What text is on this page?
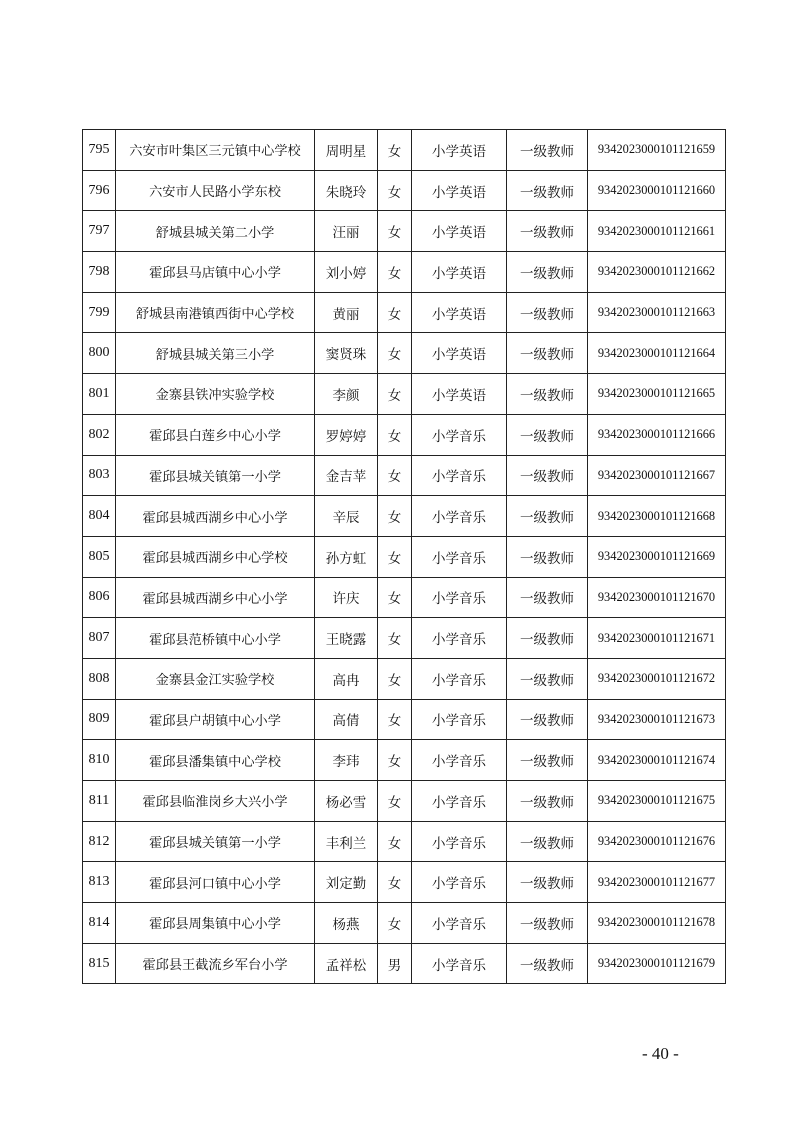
795	六安市叶集区三元镇中心学校	周明星	女	小学英语	一级教师	9342023000101121659
796	六安市人民路小学东校	朱晓玲	女	小学英语	一级教师	9342023000101121660
797	舒城县城关第二小学	汪丽	女	小学英语	一级教师	9342023000101121661
798	霍邱县马店镇中心小学	刘小婷	女	小学英语	一级教师	9342023000101121662
799	舒城县南港镇西街中心学校	黄丽	女	小学英语	一级教师	9342023000101121663
800	舒城县城关第三小学	窦贤珠	女	小学英语	一级教师	9342023000101121664
801	金寨县铁冲实验学校	李颜	女	小学英语	一级教师	9342023000101121665
802	霍邱县白莲乡中心小学	罗婷婷	女	小学音乐	一级教师	9342023000101121666
803	霍邱县城关镇第一小学	金吉苹	女	小学音乐	一级教师	9342023000101121667
804	霍邱县城西湖乡中心小学	辛辰	女	小学音乐	一级教师	9342023000101121668
805	霍邱县城西湖乡中心学校	孙方虹	女	小学音乐	一级教师	9342023000101121669
806	霍邱县城西湖乡中心小学	许庆	女	小学音乐	一级教师	9342023000101121670
807	霍邱县范桥镇中心小学	王晓露	女	小学音乐	一级教师	9342023000101121671
808	金寨县金江实验学校	高冉	女	小学音乐	一级教师	9342023000101121672
809	霍邱县户胡镇中心小学	高倩	女	小学音乐	一级教师	9342023000101121673
810	霍邱县潘集镇中心学校	李玮	女	小学音乐	一级教师	9342023000101121674
811	霍邱县临淮岗乡大兴小学	杨必雪	女	小学音乐	一级教师	9342023000101121675
812	霍邱县城关镇第一小学	丰利兰	女	小学音乐	一级教师	9342023000101121676
813	霍邱县河口镇中心小学	刘定勤	女	小学音乐	一级教师	9342023000101121677
814	霍邱县周集镇中心小学	杨燕	女	小学音乐	一级教师	9342023000101121678
815	霍邱县王截流乡军台小学	孟祥松	男	小学音乐	一级教师	9342023000101121679
- 40 -
